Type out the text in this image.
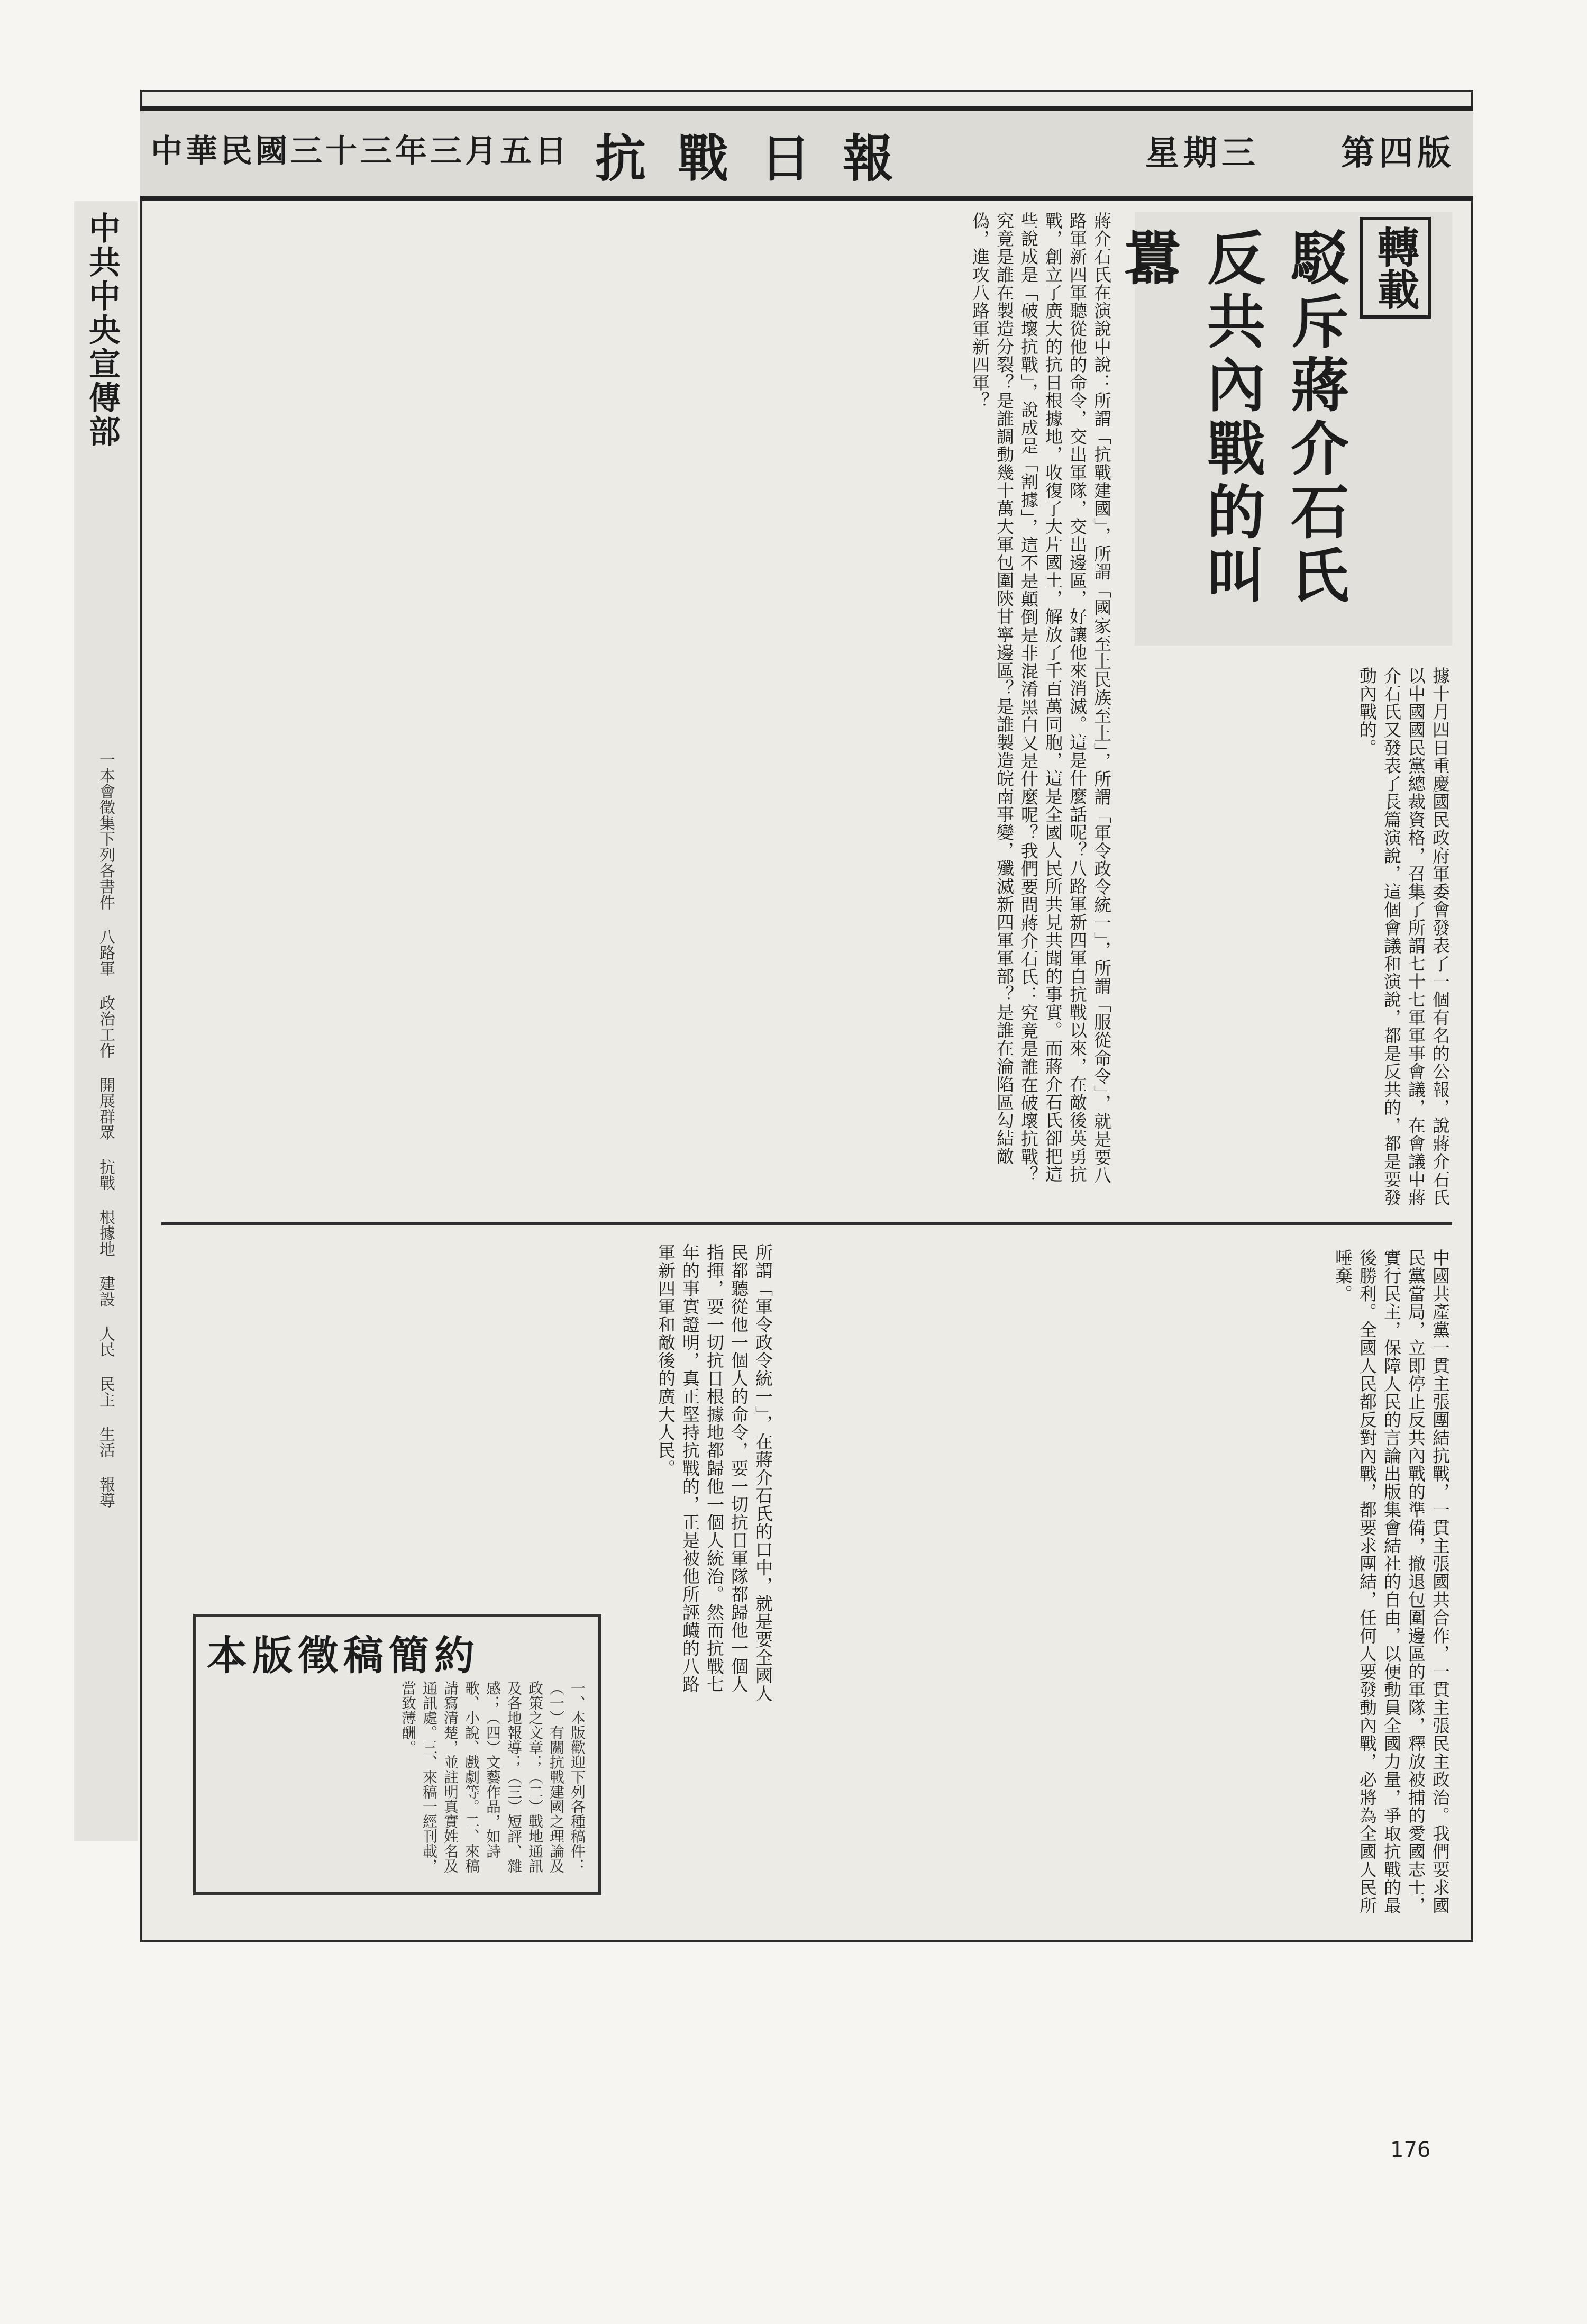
中華民國三十三年三月五日 抗戰日報	星期三 第四版
轉載
駁斥蔣介石氏反共內戰的叫囂
據十月四日重慶國民政府軍委會發表了一個有名的公報，說蔣介石氏以中國國民黨總裁資格，召集了所謂七十七軍軍事會議，在會議中蔣介石氏又發表了長篇演說，這個會議和演說，都是反共的，都是要發動內戰的。
蔣介石氏在演說中說：所謂「抗戰建國」，所謂「國家至上民族至上」，所謂「軍令政令統一」，所謂「服從命令」，就是要八路軍新四軍聽從他的命令，交出軍隊，交出邊區，好讓他來消滅。這是什麼話呢？八路軍新四軍自抗戰以來，在敵後英勇抗戰，創立了廣大的抗日根據地，收復了大片國土，解放了千百萬同胞，這是全國人民所共見共聞的事實。而蔣介石氏卻把這些說成是「破壞抗戰」，說成是「割據」，這不是顛倒是非混淆黑白又是什麼呢？我們要問蔣介石氏：究竟是誰在破壞抗戰？究竟是誰在製造分裂？是誰調動幾十萬大軍包圍陝甘寧邊區？是誰製造皖南事變，殲滅新四軍軍部？是誰在淪陷區勾結敵偽，進攻八路軍新四軍？
中國共產黨一貫主張團結抗戰，一貫主張國共合作，一貫主張民主政治。我們要求國民黨當局，立即停止反共內戰的準備，撤退包圍邊區的軍隊，釋放被捕的愛國志士，實行民主，保障人民的言論出版集會結社的自由，以便動員全國力量，爭取抗戰的最後勝利。全國人民都反對內戰，都要求團結，任何人要發動內戰，必將為全國人民所唾棄。
所謂「軍令政令統一」，在蔣介石氏的口中，就是要全國人民都聽從他一個人的命令，要一切抗日軍隊都歸他一個人指揮，要一切抗日根據地都歸他一個人統治。然而抗戰七年的事實證明，真正堅持抗戰的，正是被他所誣衊的八路軍新四軍和敵後的廣大人民。
本版徵稿簡約
一、本版歡迎下列各種稿件：（一）有關抗戰建國之理論及政策之文章；（二）戰地通訊及各地報導；（三）短評、雜感；（四）文藝作品，如詩歌、小說、戲劇等。二、來稿請寫清楚，並註明真實姓名及通訊處。三、來稿一經刊載，當致薄酬。
中共中央宣傳部
一本會徵集下列各書件 八路軍 政治工作 開展群眾 抗戰 根據地 建設 人民 民主 生活 報導
176
